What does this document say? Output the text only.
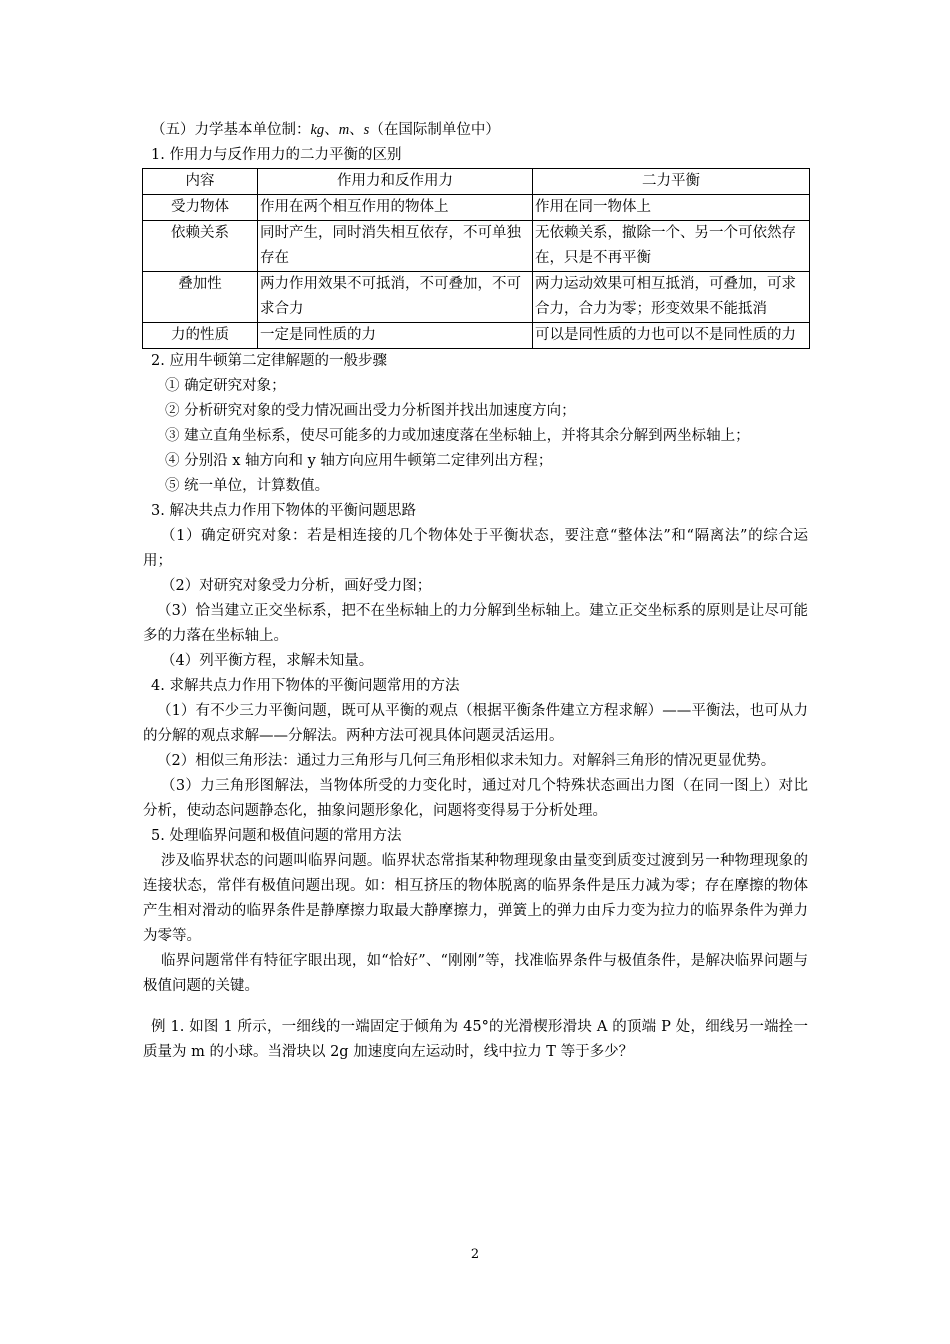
（五）力学基本单位制：kg、m、s（在国际制单位中）
1. 作用力与反作用力的二力平衡的区别
内容	作用力和反作用力	二力平衡
受力物体	作用在两个相互作用的物体上	作用在同一物体上
依赖关系	同时产生，同时消失相互依存，不可单独存在	无依赖关系，撤除一个、另一个可依然存在，只是不再平衡
叠加性	两力作用效果不可抵消，不可叠加，不可求合力	两力运动效果可相互抵消，可叠加，可求合力，合力为零；形变效果不能抵消
力的性质	一定是同性质的力	可以是同性质的力也可以不是同性质的力
2. 应用牛顿第二定律解题的一般步骤
① 确定研究对象；
② 分析研究对象的受力情况画出受力分析图并找出加速度方向；
③ 建立直角坐标系，使尽可能多的力或加速度落在坐标轴上，并将其余分解到两坐标轴上；
④ 分别沿 x 轴方向和 y 轴方向应用牛顿第二定律列出方程；
⑤ 统一单位，计算数值。
3. 解决共点力作用下物体的平衡问题思路
（1）确定研究对象：若是相连接的几个物体处于平衡状态，要注意“整体法”和“隔离法”的综合运用；
（2）对研究对象受力分析，画好受力图；
（3）恰当建立正交坐标系，把不在坐标轴上的力分解到坐标轴上。建立正交坐标系的原则是让尽可能多的力落在坐标轴上。
（4）列平衡方程，求解未知量。
4. 求解共点力作用下物体的平衡问题常用的方法
（1）有不少三力平衡问题，既可从平衡的观点（根据平衡条件建立方程求解）——平衡法，也可从力的分解的观点求解——分解法。两种方法可视具体问题灵活运用。
（2）相似三角形法：通过力三角形与几何三角形相似求未知力。对解斜三角形的情况更显优势。
（3）力三角形图解法，当物体所受的力变化时，通过对几个特殊状态画出力图（在同一图上）对比分析，使动态问题静态化，抽象问题形象化，问题将变得易于分析处理。
5. 处理临界问题和极值问题的常用方法
涉及临界状态的问题叫临界问题。临界状态常指某种物理现象由量变到质变过渡到另一种物理现象的连接状态，常伴有极值问题出现。如：相互挤压的物体脱离的临界条件是压力减为零；存在摩擦的物体产生相对滑动的临界条件是静摩擦力取最大静摩擦力，弹簧上的弹力由斥力变为拉力的临界条件为弹力为零等。
临界问题常伴有特征字眼出现，如“恰好”、“刚刚”等，找准临界条件与极值条件，是解决临界问题与极值问题的关键。
例 1. 如图 1 所示，一细线的一端固定于倾角为 45°的光滑楔形滑块 A 的顶端 P 处，细线另一端拴一质量为 m 的小球。当滑块以 2g 加速度向左运动时，线中拉力 T 等于多少？
2
